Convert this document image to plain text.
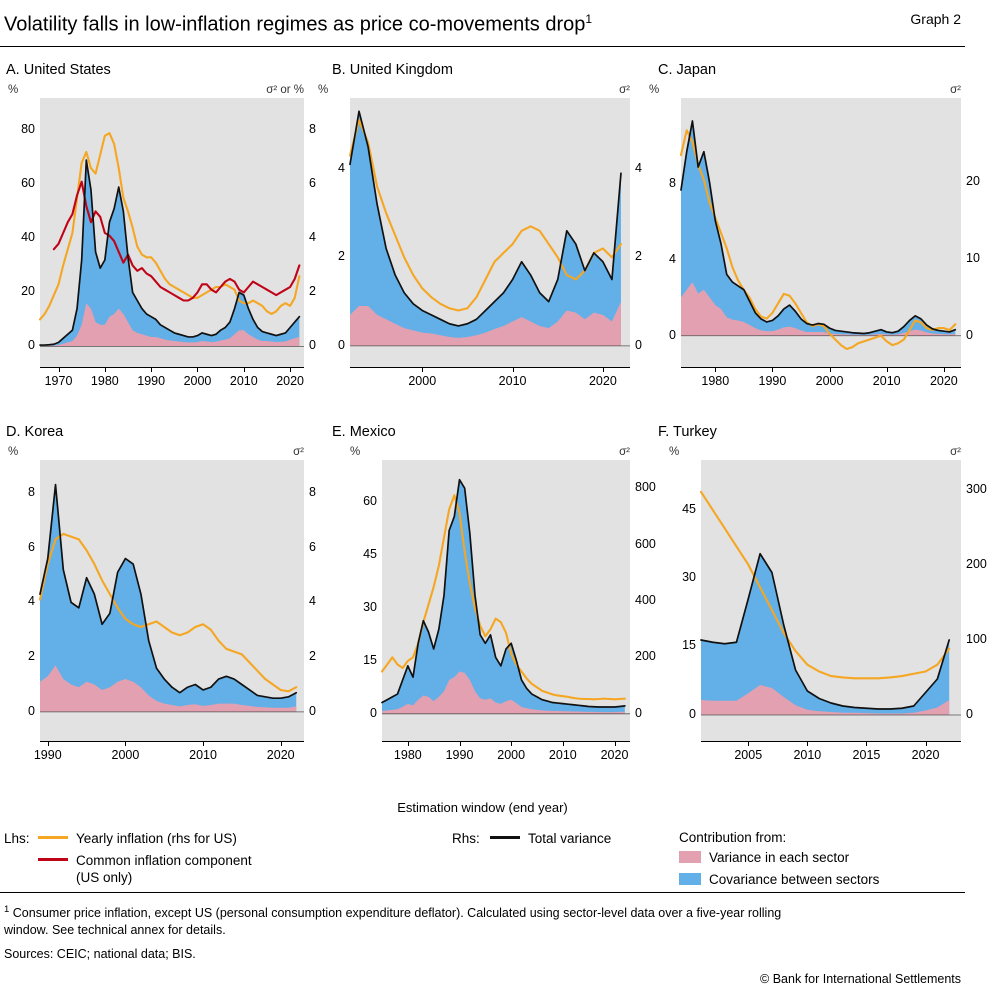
Volatility falls in low-inflation regimes as price co-movements drop$^1$	Graph 2
A. United States
%	σ² or %
0
20
40
60
80
0
2
4
6
8
1970	1980	1990	2000	2010	2020
B. United Kingdom
%	σ²
0
2
4
0
2
4
2000	2010	2020
C. Japan
%	σ²
0
4
8
0
10
20
1980	1990	2000	2010	2020
D. Korea
%	σ²
0
2
4
6
8
0
2
4
6
8
1990	2000	2010	2020
E. Mexico
%	σ²
0
15
30
45
60
0
200
400
600
800
1980	1990	2000	2010	2020
F. Turkey
%	σ²
0
15
30
45
0
100
200
300
2005	2010	2015	2020
Estimation window (end year)
Lhs:	Yearly inflation (rhs for US)
Common inflation component
(US only)
Rhs:	Total variance	Contribution from:
Variance in each sector
Covariance between sectors
$^1$ Consumer price inflation, except US (personal consumption expenditure deflator). Calculated using sector-level data over a five-year rolling
window. See technical annex for details.
Sources: CEIC; national data; BIS.
© Bank for International Settlements
